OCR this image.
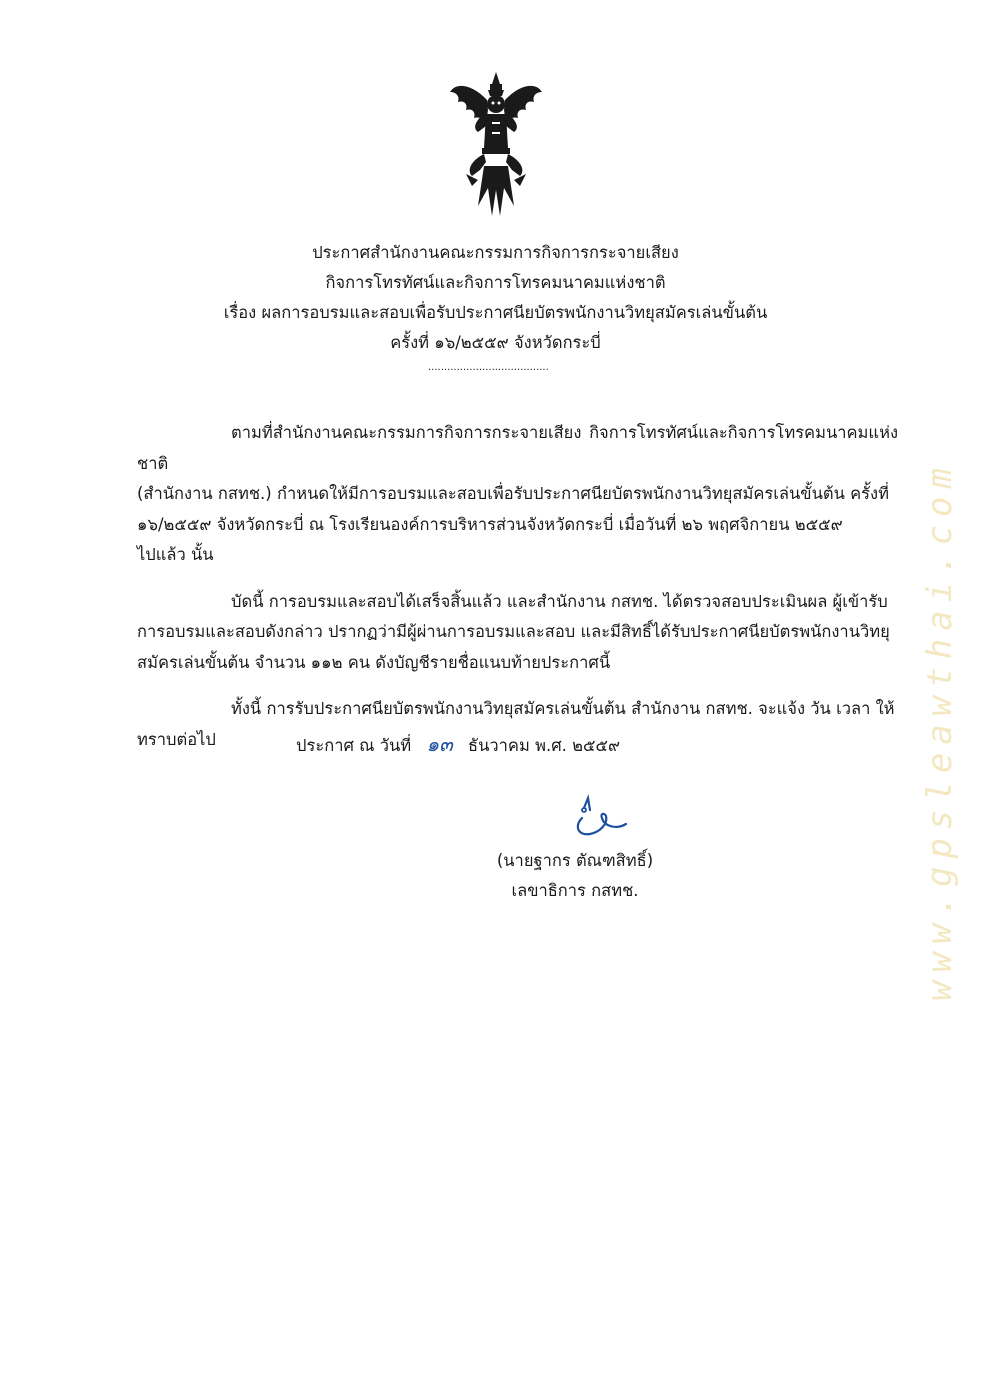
ประกาศสำนักงานคณะกรรมการกิจการกระจายเสียง
กิจการโทรทัศน์และกิจการโทรคมนาคมแห่งชาติ
เรื่อง ผลการอบรมและสอบเพื่อรับประกาศนียบัตรพนักงานวิทยุสมัครเล่นขั้นต้น
ครั้งที่ ๑๖/๒๕๕๙ จังหวัดกระบี่
......................................

ตามที่สำนักงานคณะกรรมการกิจการกระจายเสียง กิจการโทรทัศน์และกิจการโทรคมนาคมแห่งชาติ
(สำนักงาน กสทช.) กำหนดให้มีการอบรมและสอบเพื่อรับประกาศนียบัตรพนักงานวิทยุสมัครเล่นขั้นต้น ครั้งที่
๑๖/๒๕๕๙ จังหวัดกระบี่ ณ โรงเรียนองค์การบริหารส่วนจังหวัดกระบี่ เมื่อวันที่ ๒๖ พฤศจิกายน ๒๕๕๙
ไปแล้ว นั้น

บัดนี้ การอบรมและสอบได้เสร็จสิ้นแล้ว และสำนักงาน กสทช. ได้ตรวจสอบประเมินผล ผู้เข้ารับ
การอบรมและสอบดังกล่าว ปรากฏว่ามีผู้ผ่านการอบรมและสอบ และมีสิทธิ์ได้รับประกาศนียบัตรพนักงานวิทยุ
สมัครเล่นขั้นต้น จำนวน ๑๑๒ คน ดังบัญชีรายชื่อแนบท้ายประกาศนี้

ทั้งนี้ การรับประกาศนียบัตรพนักงานวิทยุสมัครเล่นขั้นต้น สำนักงาน กสทช. จะแจ้ง วัน เวลา ให้
ทราบต่อไป	ประกาศ ณ วันที่ ๑๓ ธันวาคม พ.ศ. ๒๕๕๙
(นายฐากร ตัณฑสิทธิ์)
เลขาธิการ กสทช.	www.gpsleawthai.com
